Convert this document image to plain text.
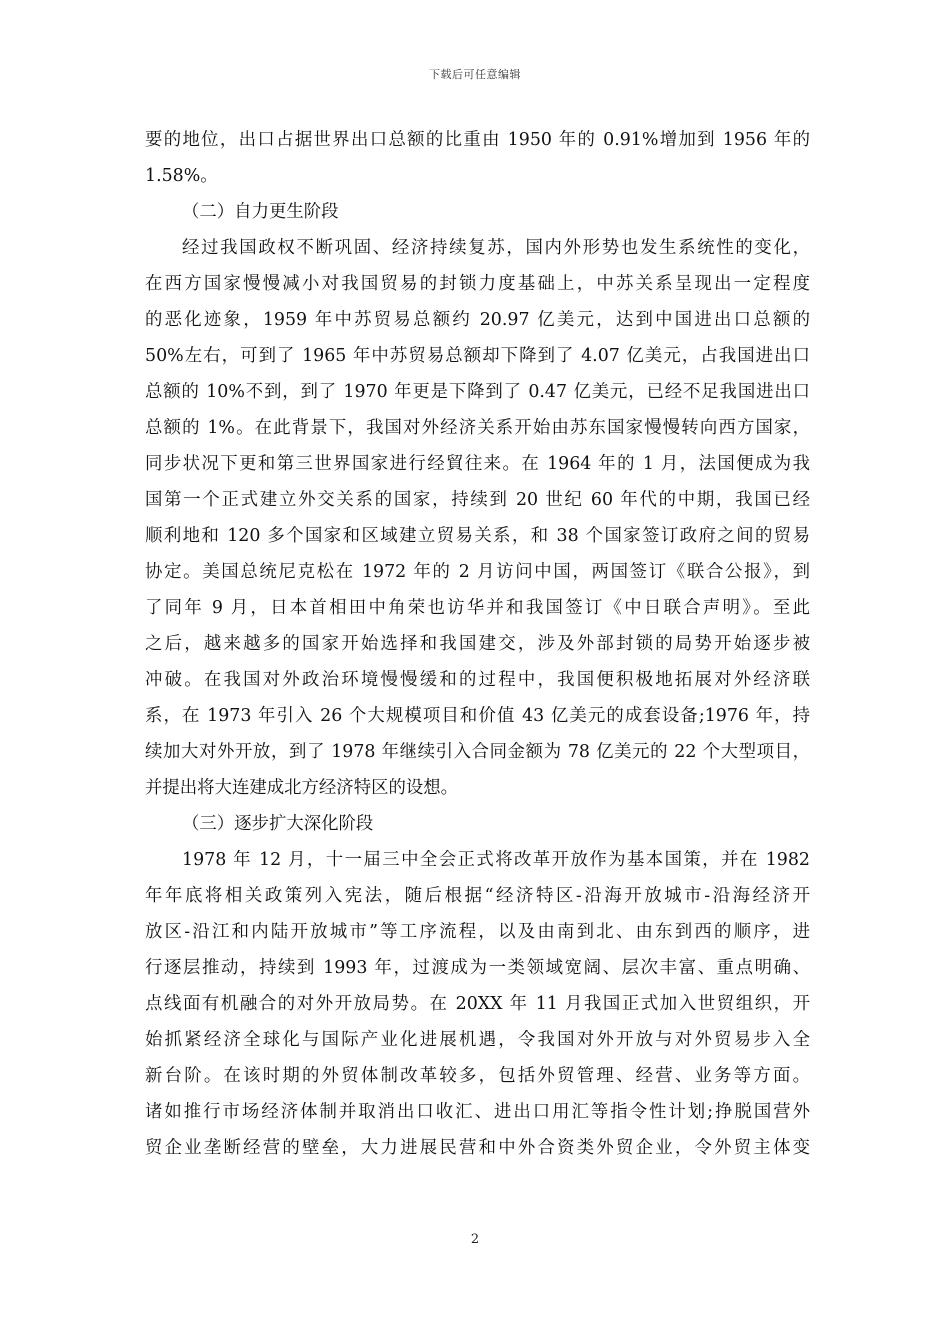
下载后可任意编辑
要的地位，出口占据世界出口总额的比重由 1950 年的 0.91%增加到 1956 年的
1.58%。
（二）自力更生阶段
经过我国政权不断巩固、经济持续复苏，国内外形势也发生系统性的变化，
在西方国家慢慢减小对我国贸易的封锁力度基础上，中苏关系呈现出一定程度
的恶化迹象，1959 年中苏贸易总额约 20.97 亿美元，达到中国进出口总额的
50%左右，可到了 1965 年中苏贸易总额却下降到了 4.07 亿美元，占我国进出口
总额的 10%不到，到了 1970 年更是下降到了 0.47 亿美元，已经不足我国进出口
总额的 1%。在此背景下，我国对外经济关系开始由苏东国家慢慢转向西方国家，
同步状况下更和第三世界国家进行经貿往来。在 1964 年的 1 月，法国便成为我
国第一个正式建立外交关系的国家，持续到 20 世纪 60 年代的中期，我国已经
顺利地和 120 多个国家和区域建立贸易关系，和 38 个国家签订政府之间的贸易
协定。美国总统尼克松在 1972 年的 2 月访问中国，两国签订《联合公报》，到
了同年 9 月，日本首相田中角荣也访华并和我国签订《中日联合声明》。至此
之后，越来越多的国家开始选择和我国建交，涉及外部封锁的局势开始逐步被
冲破。在我国对外政治环境慢慢缓和的过程中，我国便积极地拓展对外经济联
系，在 1973 年引入 26 个大规模项目和价值 43 亿美元的成套设备;1976 年，持
续加大对外开放，到了 1978 年继续引入合同金额为 78 亿美元的 22 个大型项目，
并提出将大连建成北方经济特区的设想。
（三）逐步扩大深化阶段
1978 年 12 月，十一届三中全会正式将改革开放作为基本国策，并在 1982
年年底将相关政策列入宪法，随后根据“经济特区-沿海开放城市-沿海经济开
放区-沿江和内陆开放城市”等工序流程，以及由南到北、由东到西的顺序，进
行逐层推动，持续到 1993 年，过渡成为一类领域宽阔、层次丰富、重点明确、
点线面有机融合的对外开放局势。在 20XX 年 11 月我国正式加入世贸组织，开
始抓紧经济全球化与国际产业化进展机遇，令我国对外开放与对外贸易步入全
新台阶。在该时期的外贸体制改革较多，包括外贸管理、经营、业务等方面。
诸如推行市场经济体制并取消出口收汇、进出口用汇等指令性计划;挣脱国营外
贸企业垄断经营的壁垒，大力进展民营和中外合资类外贸企业，令外贸主体变
2
